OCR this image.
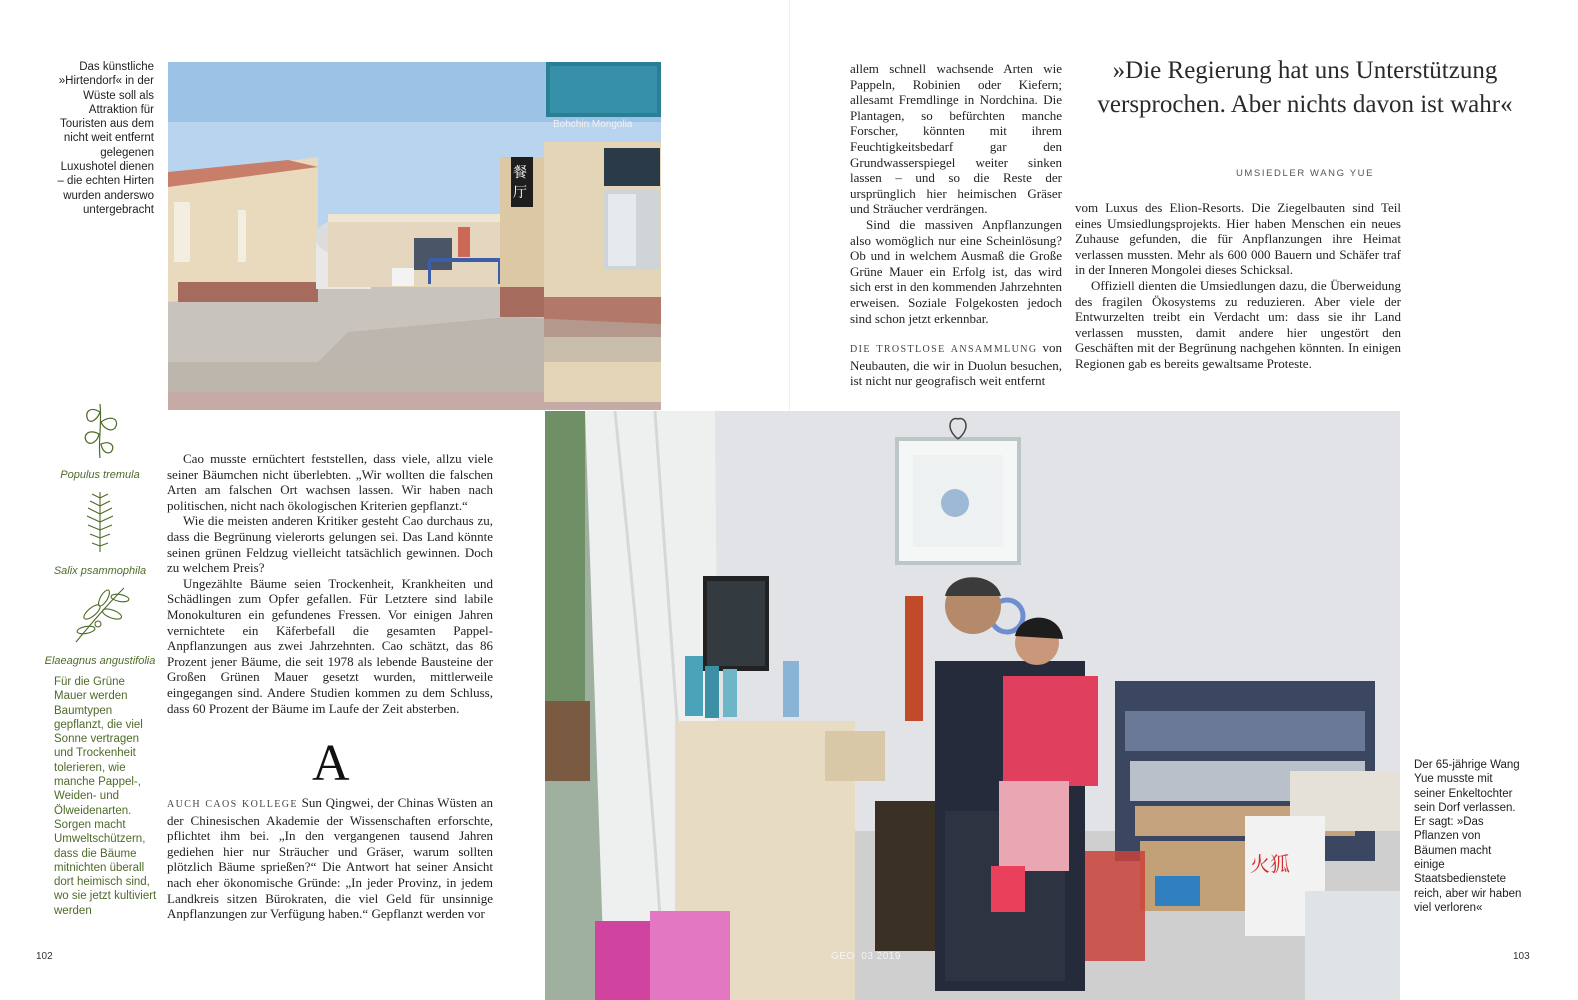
Das künstliche »Hirtendorf« in der Wüste soll als Attraktion für Touristen aus dem nicht weit entfernt gelegenen Luxushotel dienen – die echten Hirten wurden anderswo untergebracht
Bohchin Mongolia
餐
厅
Populus tremula
Salix psammophila
Elaeagnus angustifolia
Für die Grüne Mauer werden Baumtypen gepflanzt, die viel Sonne vertragen und Trockenheit tolerieren, wie manche Pappel-, Weiden- und Ölweidenarten. Sorgen macht Umweltschützern, dass die Bäume mitnichten überall dort heimisch sind, wo sie jetzt kultiviert werden

Cao musste ernüchtert feststellen, dass viele, allzu viele seiner Bäumchen nicht überlebten. „Wir wollten die falschen Arten am falschen Ort wachsen lassen. Wir haben nach politischen, nicht nach ökologischen Kriterien gepflanzt.“

Wie die meisten anderen Kritiker gesteht Cao durchaus zu, dass die Begrünung vielerorts gelungen sei. Das Land könnte seinen grünen Feldzug vielleicht tatsächlich gewinnen. Doch zu welchem Preis?

Ungezählte Bäume seien Trockenheit, Krankheiten und Schädlingen zum Opfer gefallen. Für Letztere sind labile Monokulturen ein gefundenes Fressen. Vor einigen Jahren vernichtete ein Käferbefall die gesamten Pappel-Anpflanzungen aus zwei Jahrzehnten. Cao schätzt, das 86 Prozent jener Bäume, die seit 1978 als lebende Bausteine der Großen Grünen Mauer gesetzt wurden, mittlerweile eingegangen sind. Andere Studien kommen zu dem Schluss, dass 60 Prozent der Bäume im Laufe der Zeit absterben.

A
AUCH CAOS KOLLEGE Sun Qingwei, der Chinas Wüsten an der Chinesischen Akademie der Wissenschaften erforschte, pflichtet ihm bei. „In den vergangenen tausend Jahren gediehen hier nur Sträucher und Gräser, warum sollten plötzlich Bäume sprießen?“ Die Antwort hat seiner Ansicht nach eher ökonomische Gründe: „In jeder Provinz, in jedem Landkreis sitzen Bürokraten, die viel Geld für unsinnige Anpflanzungen zur Verfügung haben.“ Gepflanzt werden vor
102

allem schnell wachsende Arten wie Pappeln, Robinien oder Kiefern; allesamt Fremdlinge in Nordchina. Die Plantagen, so befürchten manche Forscher, könnten mit ihrem Feuchtigkeitsbedarf gar den Grundwasserspiegel weiter sinken lassen – und so die Reste der ursprünglich hier heimischen Gräser und Sträucher verdrängen.

Sind die massiven Anpflanzungen also womöglich nur eine Scheinlösung? Ob und in welchem Ausmaß die Große Grüne Mauer ein Erfolg ist, das wird sich erst in den kommenden Jahrzehnten erweisen. Soziale Folgekosten jedoch sind schon jetzt erkennbar.

DIE TROSTLOSE ANSAMMLUNG von Neubauten, die wir in Duolun besuchen, ist nicht nur geografisch weit entfernt

»Die Regierung hat uns Unterstützung versprochen. Aber nichts davon ist wahr«
UMSIEDLER WANG YUE

vom Luxus des Elion-Resorts. Die Ziegelbauten sind Teil eines Umsiedlungsprojekts. Hier haben Menschen ein neues Zuhause gefunden, die für Anpflanzungen ihre Heimat verlassen mussten. Mehr als 600 000 Bauern und Schäfer traf in der Inneren Mongolei dieses Schicksal.

Offiziell dienten die Umsiedlungen dazu, die Überweidung des fragilen Ökosystems zu reduzieren. Aber viele der Entwurzelten treibt ein Verdacht um: dass sie ihr Land verlassen mussten, damit andere hier ungestört den Geschäften mit der Begrünung nachgehen könnten. In einigen Regionen gab es bereits gewaltsame Proteste.

火狐
GEO  03 2019
Der 65-jährige Wang Yue musste mit seiner Enkeltochter sein Dorf verlassen. Er sagt: »Das Pflanzen von Bäumen macht einige Staatsbedienstete reich, aber wir haben viel verloren«
103
